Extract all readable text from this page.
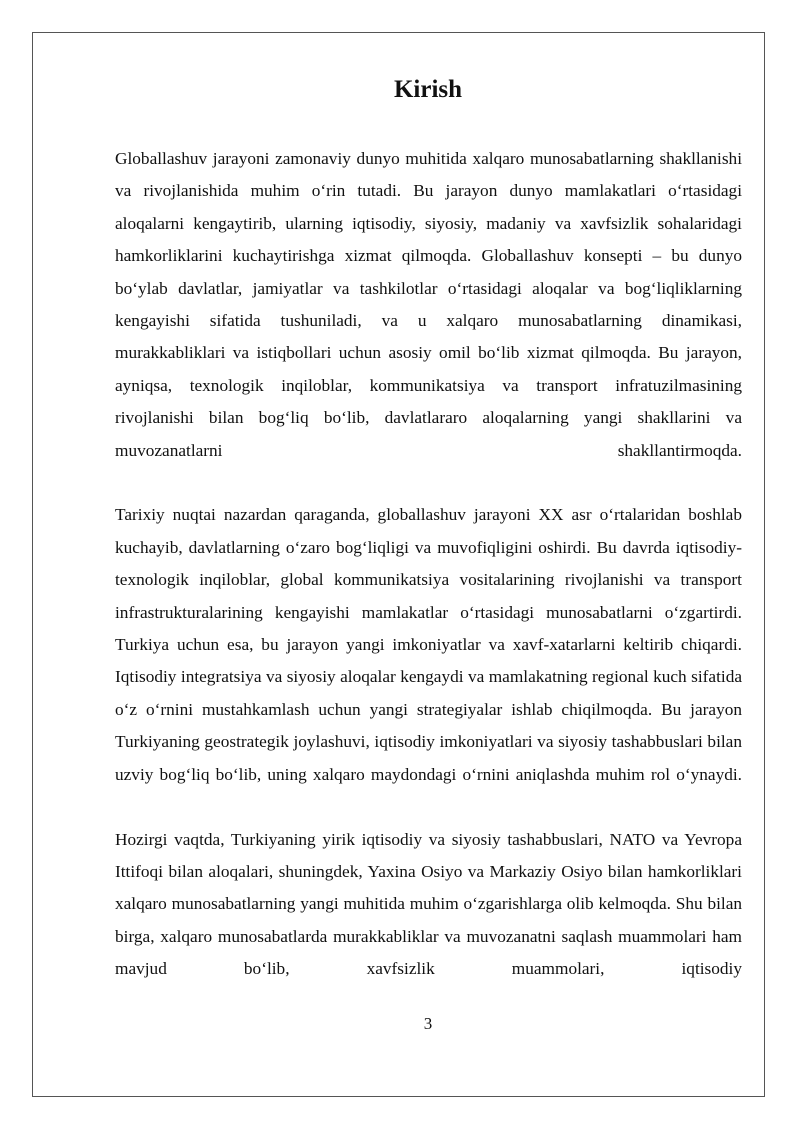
Kirish

Globallashuv jarayoni zamonaviy dunyo muhitida xalqaro munosabatlarning shakllanishi va rivojlanishida muhim o‘rin tutadi. Bu jarayon dunyo mamlakatlari o‘rtasidagi aloqalarni kengaytirib, ularning iqtisodiy, siyosiy, madaniy va xavfsizlik sohalaridagi hamkorliklarini kuchaytirishga xizmat qilmoqda. Globallashuv konsepti – bu dunyo bo‘ylab davlatlar, jamiyatlar va tashkilotlar o‘rtasidagi aloqalar va bog‘liqliklarning kengayishi sifatida tushuniladi, va u xalqaro munosabatlarning dinamikasi, murakkabliklari va istiqbollari uchun asosiy omil bo‘lib xizmat qilmoqda. Bu jarayon, ayniqsa, texnologik inqiloblar, kommunikatsiya va transport infratuzilmasining rivojlanishi bilan bog‘liq bo‘lib, davlatlararo aloqalarning yangi shakllarini va muvozanatlarni shakllantirmoqda.

Tarixiy nuqtai nazardan qaraganda, globallashuv jarayoni XX asr o‘rtalaridan boshlab kuchayib, davlatlarning o‘zaro bog‘liqligi va muvofiqligini oshirdi. Bu davrda iqtisodiy-texnologik inqiloblar, global kommunikatsiya vositalarining rivojlanishi va transport infrastrukturalarining kengayishi mamlakatlar o‘rtasidagi munosabatlarni o‘zgartirdi. Turkiya uchun esa, bu jarayon yangi imkoniyatlar va xavf-xatarlarni keltirib chiqardi. Iqtisodiy integratsiya va siyosiy aloqalar kengaydi va mamlakatning regional kuch sifatida o‘z o‘rnini mustahkamlash uchun yangi strategiyalar ishlab chiqilmoqda. Bu jarayon Turkiyaning geostrategik joylashuvi, iqtisodiy imkoniyatlari va siyosiy tashabbuslari bilan uzviy bog‘liq bo‘lib, uning xalqaro maydondagi o‘rnini aniqlashda muhim rol o‘ynaydi.

Hozirgi vaqtda, Turkiyaning yirik iqtisodiy va siyosiy tashabbuslari, NATO va Yevropa Ittifoqi bilan aloqalari, shuningdek, Yaxina Osiyo va Markaziy Osiyo bilan hamkorliklari xalqaro munosabatlarning yangi muhitida muhim o‘zgarishlarga olib kelmoqda. Shu bilan birga, xalqaro munosabatlarda murakkabliklar va muvozanatni saqlash muammolari ham mavjud bo‘lib, xavfsizlik muammolari, iqtisodiy

3
